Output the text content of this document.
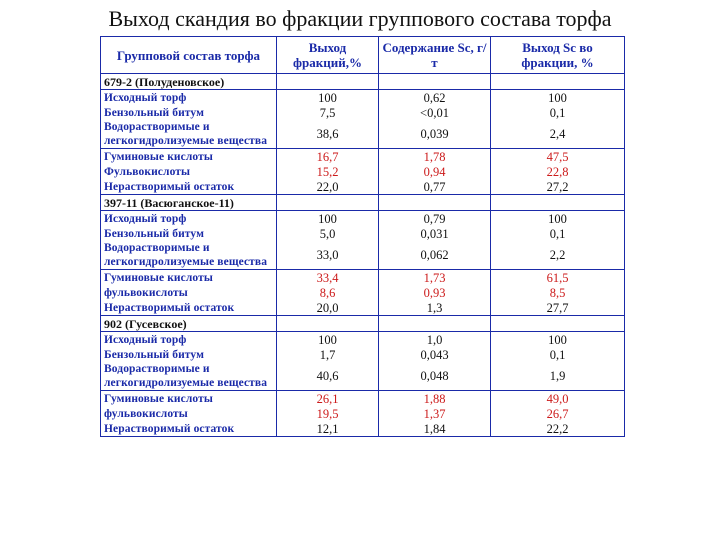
Выход скандия во фракции группового состава торфа
Групповой состав торфа	Выход фракций,%	Содержание Sc, г/т	Выход Sc во фракции, %
679-2 (Полуденовское)			
Исходный торф	100	0,62	100
Бензольный битум	7,5	<0,01	0,1
Водорастворимые и легкогидролизуемые вещества	38,6	0,039	2,4
Гуминовые кислоты	16,7	1,78	47,5
Фульвокислоты	15,2	0,94	22,8
Нерастворимый остаток	22,0	0,77	27,2
397-11 (Васюганское-11)			
Исходный торф	100	0,79	100
Бензольный битум	5,0	0,031	0,1
Водорастворимые и легкогидролизуемые вещества	33,0	0,062	2,2
Гуминовые кислоты	33,4	1,73	61,5
фульвокислоты	8,6	0,93	8,5
Нерастворимый остаток	20,0	1,3	27,7
902 (Гусевское)			
Исходный торф	100	1,0	100
Бензольный битум	1,7	0,043	0,1
Водорастворимые и легкогидролизуемые вещества	40,6	0,048	1,9
Гуминовые кислоты	26,1	1,88	49,0
фульвокислоты	19,5	1,37	26,7
Нерастворимый остаток	12,1	1,84	22,2
